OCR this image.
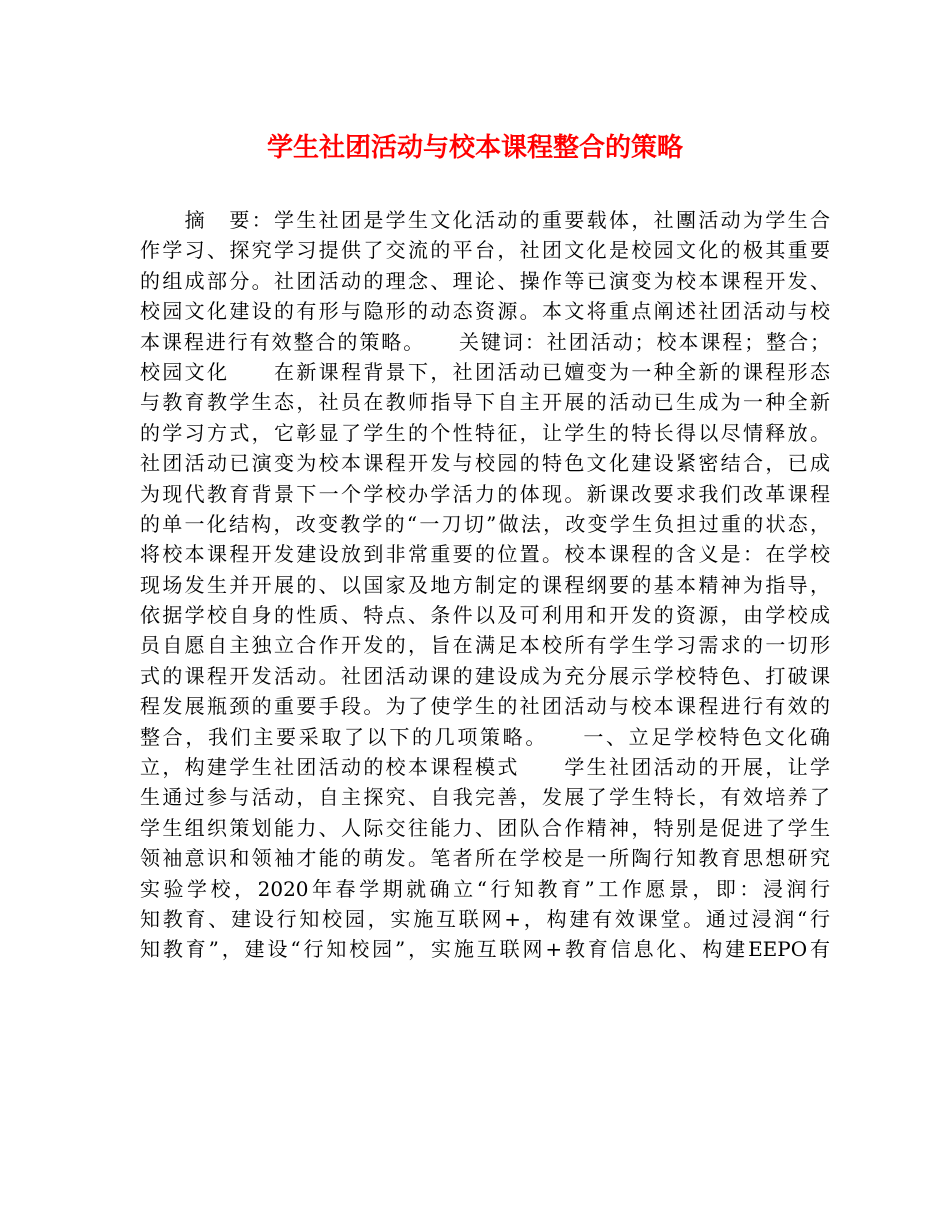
学生社团活动与校本课程整合的策略
　　摘　要：学生社团是学生文化活动的重要载体，社團活动为学生合
作学习、探究学习提供了交流的平台，社团文化是校园文化的极其重要
的组成部分。社团活动的理念、理论、操作等已演变为校本课程开发、
校园文化建设的有形与隐形的动态资源。本文将重点阐述社团活动与校
本课程进行有效整合的策略。　　关键词：社团活动；校本课程；整合；
校园文化　　在新课程背景下，社团活动已嬗变为一种全新的课程形态
与教育教学生态，社员在教师指导下自主开展的活动已生成为一种全新
的学习方式，它彰显了学生的个性特征，让学生的特长得以尽情释放。
社团活动已演变为校本课程开发与校园的特色文化建设紧密结合，已成
为现代教育背景下一个学校办学活力的体现。新课改要求我们改革课程
的单一化结构，改变教学的“一刀切”做法，改变学生负担过重的状态，
将校本课程开发建设放到非常重要的位置。校本课程的含义是：在学校
现场发生并开展的、以国家及地方制定的课程纲要的基本精神为指导，
依据学校自身的性质、特点、条件以及可利用和开发的资源，由学校成
员自愿自主独立合作开发的，旨在满足本校所有学生学习需求的一切形
式的课程开发活动。社团活动课的建设成为充分展示学校特色、打破课
程发展瓶颈的重要手段。为了使学生的社团活动与校本课程进行有效的
整合，我们主要采取了以下的几项策略。　　一、立足学校特色文化确
立，构建学生社团活动的校本课程模式　　学生社团活动的开展，让学
生通过参与活动，自主探究、自我完善，发展了学生特长，有效培养了
学生组织策划能力、人际交往能力、团队合作精神，特别是促进了学生
领袖意识和领袖才能的萌发。笔者所在学校是一所陶行知教育思想研究
实验学校，2020年春学期就确立“行知教育”工作愿景，即：浸润行
知教育、建设行知校园，实施互联网+，构建有效课堂。通过浸润“行
知教育”，建设“行知校园”，实施互联网+教育信息化、构建EEPO有
